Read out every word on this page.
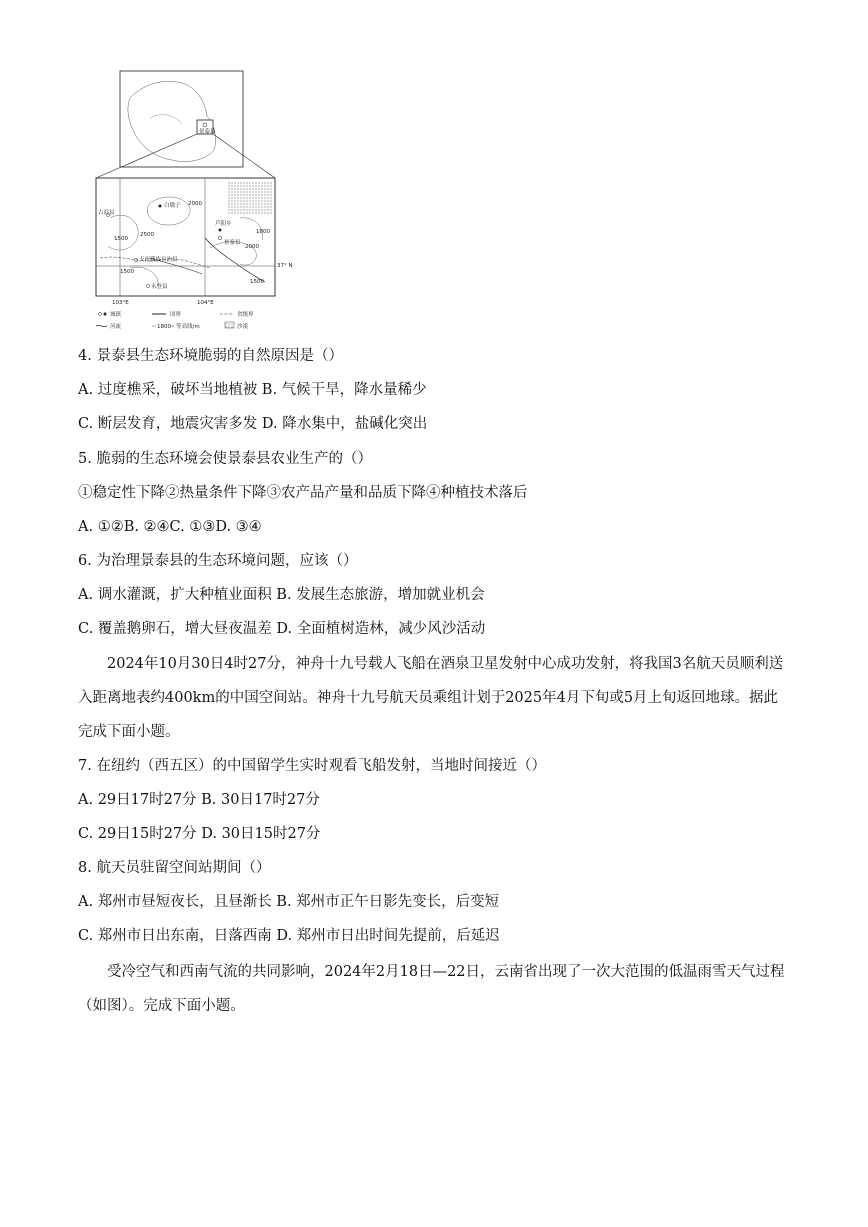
景泰县
古浪县
白墩子
芦阳乡
景泰县
天祝藏族自治县
永登县
2000
2500
1500
2000
1800
1500
1500
37° N
103°E	104°E
城镇	国界	省级界
河流	1800 等高线/m	沙漠
4. 景泰县生态环境脆弱的自然原因是（）
A. 过度樵采，破坏当地植被 B. 气候干旱，降水量稀少
C. 断层发育，地震灾害多发 D. 降水集中，盐碱化突出
5. 脆弱的生态环境会使景泰县农业生产的（）
①稳定性下降②热量条件下降③农产品产量和品质下降④种植技术落后
A. ①②B. ②④C. ①③D. ③④
6. 为治理景泰县的生态环境问题，应该（）
A. 调水灌溉，扩大种植业面积 B. 发展生态旅游，增加就业机会
C. 覆盖鹅卵石，增大昼夜温差 D. 全面植树造林，减少风沙活动
2024年10月30日4时27分，神舟十九号载人飞船在酒泉卫星发射中心成功发射，将我国3名航天员顺利送入距离地表约400km的中国空间站。神舟十九号航天员乘组计划于2025年4月下旬或5月上旬返回地球。据此完成下面小题。
7. 在纽约（西五区）的中国留学生实时观看飞船发射，当地时间接近（）
A. 29日17时27分 B. 30日17时27分
C. 29日15时27分 D. 30日15时27分
8. 航天员驻留空间站期间（）
A. 郑州市昼短夜长，且昼渐长 B. 郑州市正午日影先变长，后变短
C. 郑州市日出东南，日落西南 D. 郑州市日出时间先提前，后延迟
受冷空气和西南气流的共同影响，2024年2月18日—22日，云南省出现了一次大范围的低温雨雪天气过程（如图）。完成下面小题。
